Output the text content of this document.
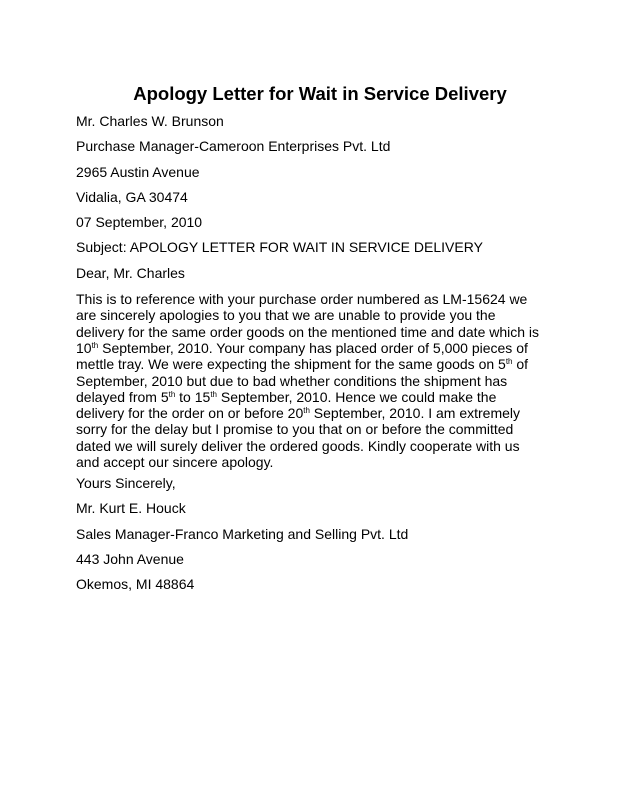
Apology Letter for Wait in Service Delivery

Mr. Charles W. Brunson

Purchase Manager-Cameroon Enterprises Pvt. Ltd

2965 Austin Avenue

Vidalia, GA 30474

07 September, 2010

Subject: APOLOGY LETTER FOR WAIT IN SERVICE DELIVERY

Dear, Mr. Charles

This is to reference with your purchase order numbered as LM-15624 we
are sincerely apologies to you that we are unable to provide you the
delivery for the same order goods on the mentioned time and date which is
10th September, 2010. Your company has placed order of 5,000 pieces of
mettle tray. We were expecting the shipment for the same goods on 5th of
September, 2010 but due to bad whether conditions the shipment has
delayed from 5th to 15th September, 2010. Hence we could make the
delivery for the order on or before 20th September, 2010. I am extremely
sorry for the delay but I promise to you that on or before the committed
dated we will surely deliver the ordered goods. Kindly cooperate with us
and accept our sincere apology.

Yours Sincerely,

Mr. Kurt E. Houck

Sales Manager-Franco Marketing and Selling Pvt. Ltd

443 John Avenue

Okemos, MI 48864
